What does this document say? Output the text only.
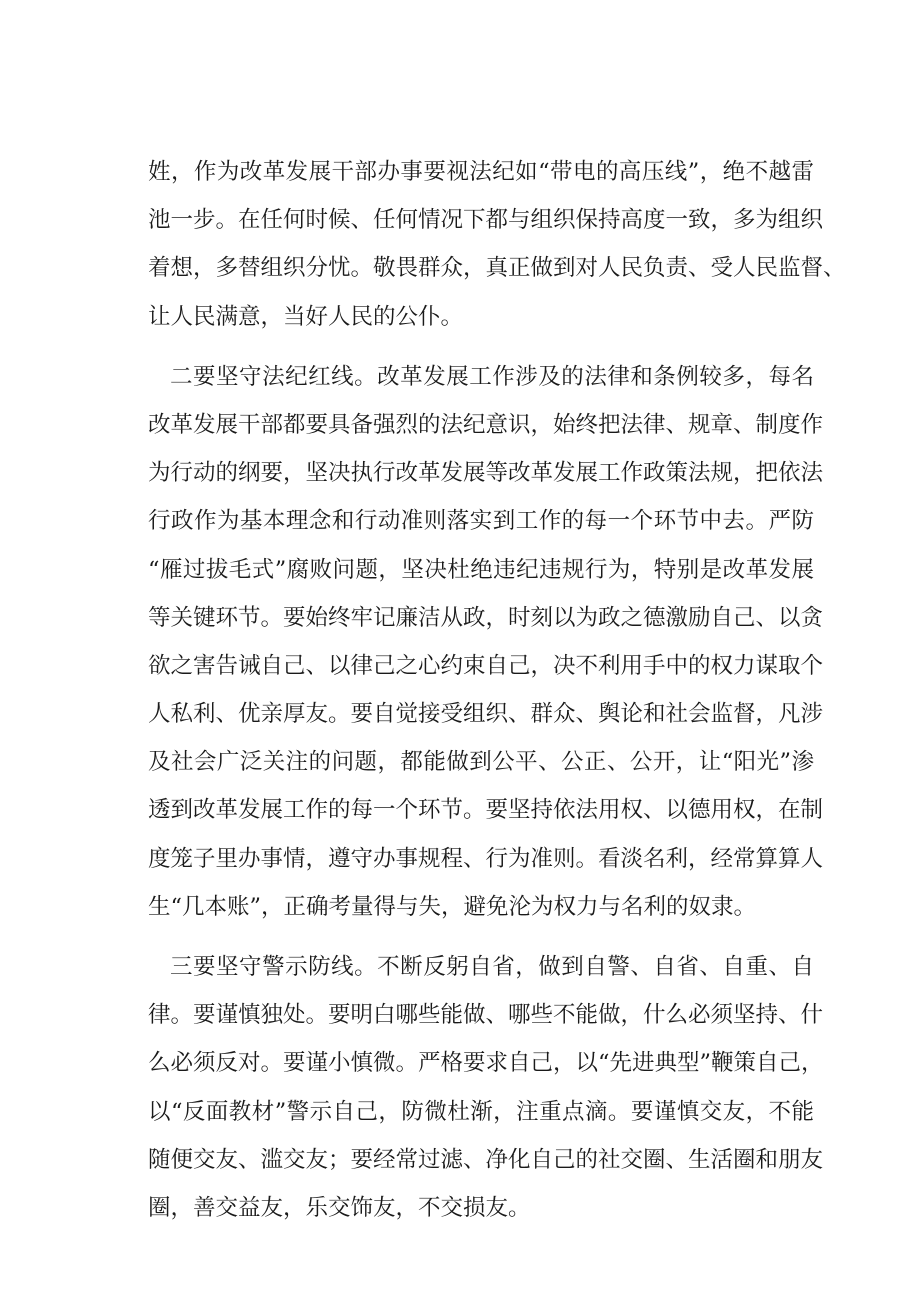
姓，作为改革发展干部办事要视法纪如“带电的高压线”，绝不越雷
池一步。在任何时候、任何情况下都与组织保持高度一致，多为组织
着想，多替组织分忧。敬畏群众，真正做到对人民负责、受人民监督、
让人民满意，当好人民的公仆。
二要坚守法纪红线。改革发展工作涉及的法律和条例较多，每名
改革发展干部都要具备强烈的法纪意识，始终把法律、规章、制度作
为行动的纲要，坚决执行改革发展等改革发展工作政策法规，把依法
行政作为基本理念和行动准则落实到工作的每一个环节中去。严防
“雁过拔毛式”腐败问题，坚决杜绝违纪违规行为，特别是改革发展
等关键环节。要始终牢记廉洁从政，时刻以为政之德激励自己、以贪
欲之害告诫自己、以律己之心约束自己，决不利用手中的权力谋取个
人私利、优亲厚友。要自觉接受组织、群众、舆论和社会监督，凡涉
及社会广泛关注的问题，都能做到公平、公正、公开，让“阳光”渗
透到改革发展工作的每一个环节。要坚持依法用权、以德用权，在制
度笼子里办事情，遵守办事规程、行为准则。看淡名利，经常算算人
生“几本账”，正确考量得与失，避免沦为权力与名利的奴隶。
三要坚守警示防线。不断反躬自省，做到自警、自省、自重、自
律。要谨慎独处。要明白哪些能做、哪些不能做，什么必须坚持、什
么必须反对。要谨小慎微。严格要求自己，以“先进典型”鞭策自己，
以“反面教材”警示自己，防微杜渐，注重点滴。要谨慎交友，不能
随便交友、滥交友；要经常过滤、净化自己的社交圈、生活圈和朋友
圈，善交益友，乐交饰友，不交损友。
